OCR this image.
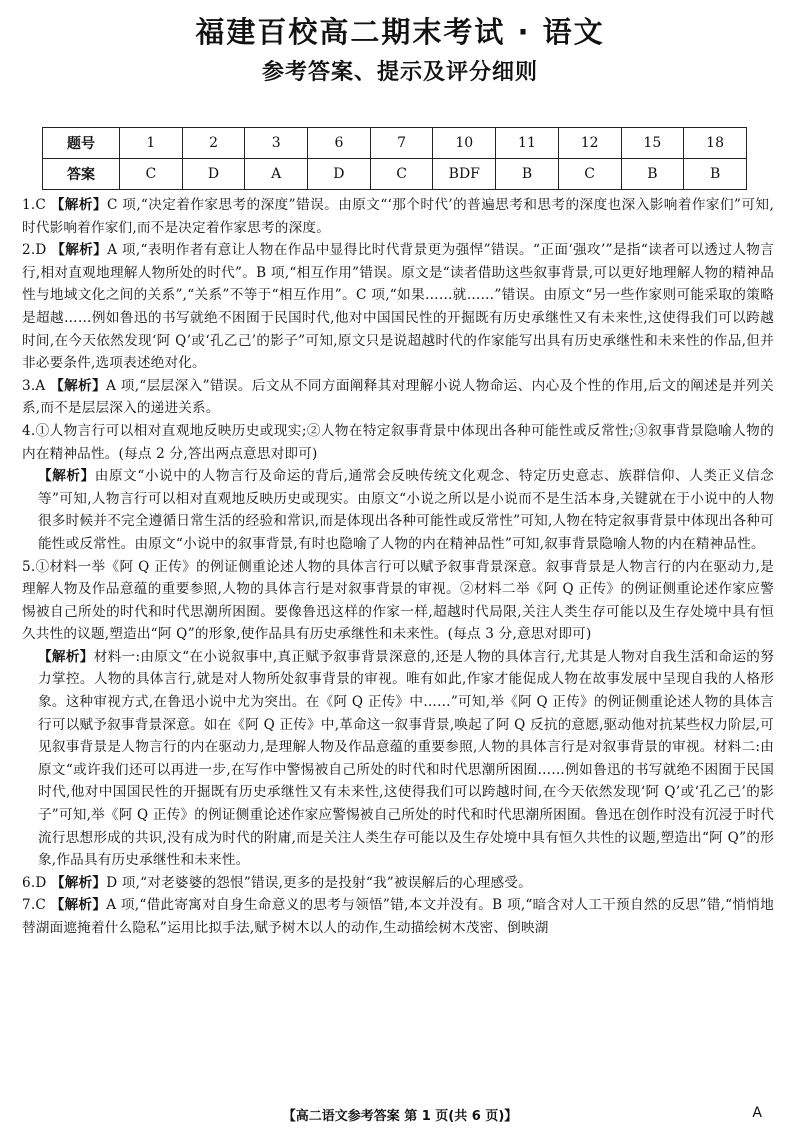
福建百校高二期末考试 · 语文
参考答案、提示及评分细则
题号	1	2	3	6	7	10	11	12	15	18
答案	C	D	A	D	C	BDF	B	C	B	B

1.C 【解析】C 项,“决定着作家思考的深度”错误。由原文“‘那个时代’的普遍思考和思考的深度也深入影响着作家们”可知,时代影响着作家们,而不是决定着作家思考的深度。

2.D 【解析】A 项,“表明作者有意让人物在作品中显得比时代背景更为强悍”错误。“正面‘强攻’”是指“读者可以透过人物言行,相对直观地理解人物所处的时代”。B 项,“相互作用”错误。原文是“读者借助这些叙事背景,可以更好地理解人物的精神品性与地域文化之间的关系”,“关系”不等于“相互作用”。C 项,“如果……就……”错误。由原文“另一些作家则可能采取的策略是超越……例如鲁迅的书写就绝不困囿于民国时代,他对中国国民性的开掘既有历史承继性又有未来性,这使得我们可以跨越时间,在今天依然发现‘阿 Q’或‘孔乙己’的影子”可知,原文只是说超越时代的作家能写出具有历史承继性和未来性的作品,但并非必要条件,选项表述绝对化。

3.A 【解析】A 项,“层层深入”错误。后文从不同方面阐释其对理解小说人物命运、内心及个性的作用,后文的阐述是并列关系,而不是层层深入的递进关系。

4.①人物言行可以相对直观地反映历史或现实;②人物在特定叙事背景中体现出各种可能性或反常性;③叙事背景隐喻人物的内在精神品性。(每点 2 分,答出两点意思对即可)

【解析】由原文“小说中的人物言行及命运的背后,通常会反映传统文化观念、特定历史意志、族群信仰、人类正义信念等”可知,人物言行可以相对直观地反映历史或现实。由原文“小说之所以是小说而不是生活本身,关键就在于小说中的人物很多时候并不完全遵循日常生活的经验和常识,而是体现出各种可能性或反常性”可知,人物在特定叙事背景中体现出各种可能性或反常性。由原文“小说中的叙事背景,有时也隐喻了人物的内在精神品性”可知,叙事背景隐喻人物的内在精神品性。

5.①材料一举《阿 Q 正传》的例证侧重论述人物的具体言行可以赋予叙事背景深意。叙事背景是人物言行的内在驱动力,是理解人物及作品意蕴的重要参照,人物的具体言行是对叙事背景的审视。②材料二举《阿 Q 正传》的例证侧重论述作家应警惕被自己所处的时代和时代思潮所困囿。要像鲁迅这样的作家一样,超越时代局限,关注人类生存可能以及生存处境中具有恒久共性的议题,塑造出“阿 Q”的形象,使作品具有历史承继性和未来性。(每点 3 分,意思对即可)

【解析】材料一:由原文“在小说叙事中,真正赋予叙事背景深意的,还是人物的具体言行,尤其是人物对自我生活和命运的努力掌控。人物的具体言行,就是对人物所处叙事背景的审视。唯有如此,作家才能促成人物在故事发展中呈现自我的人格形象。这种审视方式,在鲁迅小说中尤为突出。在《阿 Q 正传》中……”可知,举《阿 Q 正传》的例证侧重论述人物的具体言行可以赋予叙事背景深意。如在《阿 Q 正传》中,革命这一叙事背景,唤起了阿 Q 反抗的意愿,驱动他对抗某些权力阶层,可见叙事背景是人物言行的内在驱动力,是理解人物及作品意蕴的重要参照,人物的具体言行是对叙事背景的审视。材料二:由原文“或许我们还可以再进一步,在写作中警惕被自己所处的时代和时代思潮所困囿……例如鲁迅的书写就绝不困囿于民国时代,他对中国国民性的开掘既有历史承继性又有未来性,这使得我们可以跨越时间,在今天依然发现‘阿 Q’或‘孔乙己’的影子”可知,举《阿 Q 正传》的例证侧重论述作家应警惕被自己所处的时代和时代思潮所困囿。鲁迅在创作时没有沉浸于时代流行思想形成的共识,没有成为时代的附庸,而是关注人类生存可能以及生存处境中具有恒久共性的议题,塑造出“阿 Q”的形象,作品具有历史承继性和未来性。

6.D 【解析】D 项,“对老婆婆的怨恨”错误,更多的是投射“我”被误解后的心理感受。

7.C 【解析】A 项,“借此寄寓对自身生命意义的思考与领悟”错,本文并没有。B 项,“暗含对人工干预自然的反思”错,“悄悄地替湖面遮掩着什么隐私”运用比拟手法,赋予树木以人的动作,生动描绘树木茂密、倒映湖

【高二语文参考答案 第 1 页(共 6 页)】	A
